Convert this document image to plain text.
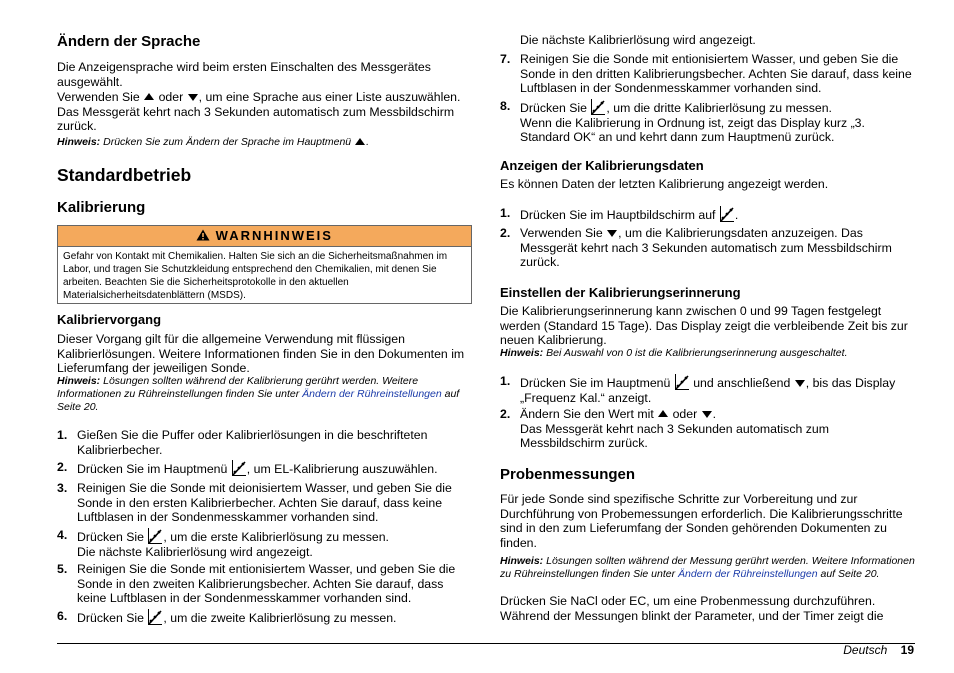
Ändern der Sprache
Die Anzeigensprache wird beim ersten Einschalten des Messgerätes ausgewählt.
Verwenden Sie oder , um eine Sprache aus einer Liste auszuwählen. Das Messgerät kehrt nach 3 Sekunden automatisch zum Messbildschirm zurück.
Hinweis: Drücken Sie zum Ändern der Sprache im Hauptmenü .
Standardbetrieb
Kalibrierung
WARNHINWEIS
Gefahr von Kontakt mit Chemikalien. Halten Sie sich an die Sicherheitsmaßnahmen im Labor, und tragen Sie Schutzkleidung entsprechend den Chemikalien, mit denen Sie arbeiten. Beachten Sie die Sicherheitsprotokolle in den aktuellen Materialsicherheitsdatenblättern (MSDS).
Kalibriervorgang
Dieser Vorgang gilt für die allgemeine Verwendung mit flüssigen Kalibrierlösungen. Weitere Informationen finden Sie in den Dokumenten im Lieferumfang der jeweiligen Sonde.
Hinweis: Lösungen sollten während der Kalibrierung gerührt werden. Weitere Informationen zu Rühreinstellungen finden Sie unter Ändern der Rühreinstellungen auf Seite 20.
1. Gießen Sie die Puffer oder Kalibrierlösungen in die beschrifteten Kalibrierbecher.
2. Drücken Sie im Hauptmenü , um EL-Kalibrierung auszuwählen.
3. Reinigen Sie die Sonde mit deionisiertem Wasser, und geben Sie die Sonde in den ersten Kalibrierbecher. Achten Sie darauf, dass keine Luftblasen in der Sondenmesskammer vorhanden sind.
4. Drücken Sie , um die erste Kalibrierlösung zu messen.
Die nächste Kalibrierlösung wird angezeigt.
5. Reinigen Sie die Sonde mit entionisiertem Wasser, und geben Sie die Sonde in den zweiten Kalibrierungsbecher. Achten Sie darauf, dass keine Luftblasen in der Sondenmesskammer vorhanden sind.
6. Drücken Sie , um die zweite Kalibrierlösung zu messen.
Die nächste Kalibrierlösung wird angezeigt.
7. Reinigen Sie die Sonde mit entionisiertem Wasser, und geben Sie die Sonde in den dritten Kalibrierungsbecher. Achten Sie darauf, dass keine Luftblasen in der Sondenmesskammer vorhanden sind.
8. Drücken Sie , um die dritte Kalibrierlösung zu messen.
Wenn die Kalibrierung in Ordnung ist, zeigt das Display kurz „3. Standard OK“ an und kehrt dann zum Hauptmenü zurück.
Anzeigen der Kalibrierungsdaten
Es können Daten der letzten Kalibrierung angezeigt werden.
1. Drücken Sie im Hauptbildschirm auf .
2. Verwenden Sie , um die Kalibrierungsdaten anzuzeigen. Das Messgerät kehrt nach 3 Sekunden automatisch zum Messbildschirm zurück.
Einstellen der Kalibrierungserinnerung
Die Kalibrierungserinnerung kann zwischen 0 und 99 Tagen festgelegt werden (Standard 15 Tage). Das Display zeigt die verbleibende Zeit bis zur neuen Kalibrierung.
Hinweis: Bei Auswahl von 0 ist die Kalibrierungserinnerung ausgeschaltet.
1. Drücken Sie im Hauptmenü und anschließend , bis das Display „Frequenz Kal.“ anzeigt.
2. Ändern Sie den Wert mit oder .
Das Messgerät kehrt nach 3 Sekunden automatisch zum Messbildschirm zurück.
Probenmessungen
Für jede Sonde sind spezifische Schritte zur Vorbereitung und zur Durchführung von Probemessungen erforderlich. Die Kalibrierungsschritte sind in den zum Lieferumfang der Sonden gehörenden Dokumenten zu finden.
Hinweis: Lösungen sollten während der Messung gerührt werden. Weitere Informationen zu Rühreinstellungen finden Sie unter Ändern der Rühreinstellungen auf Seite 20.
Drücken Sie NaCl oder EC, um eine Probenmessung durchzuführen. Während der Messungen blinkt der Parameter, und der Timer zeigt die
Deutsch 19
